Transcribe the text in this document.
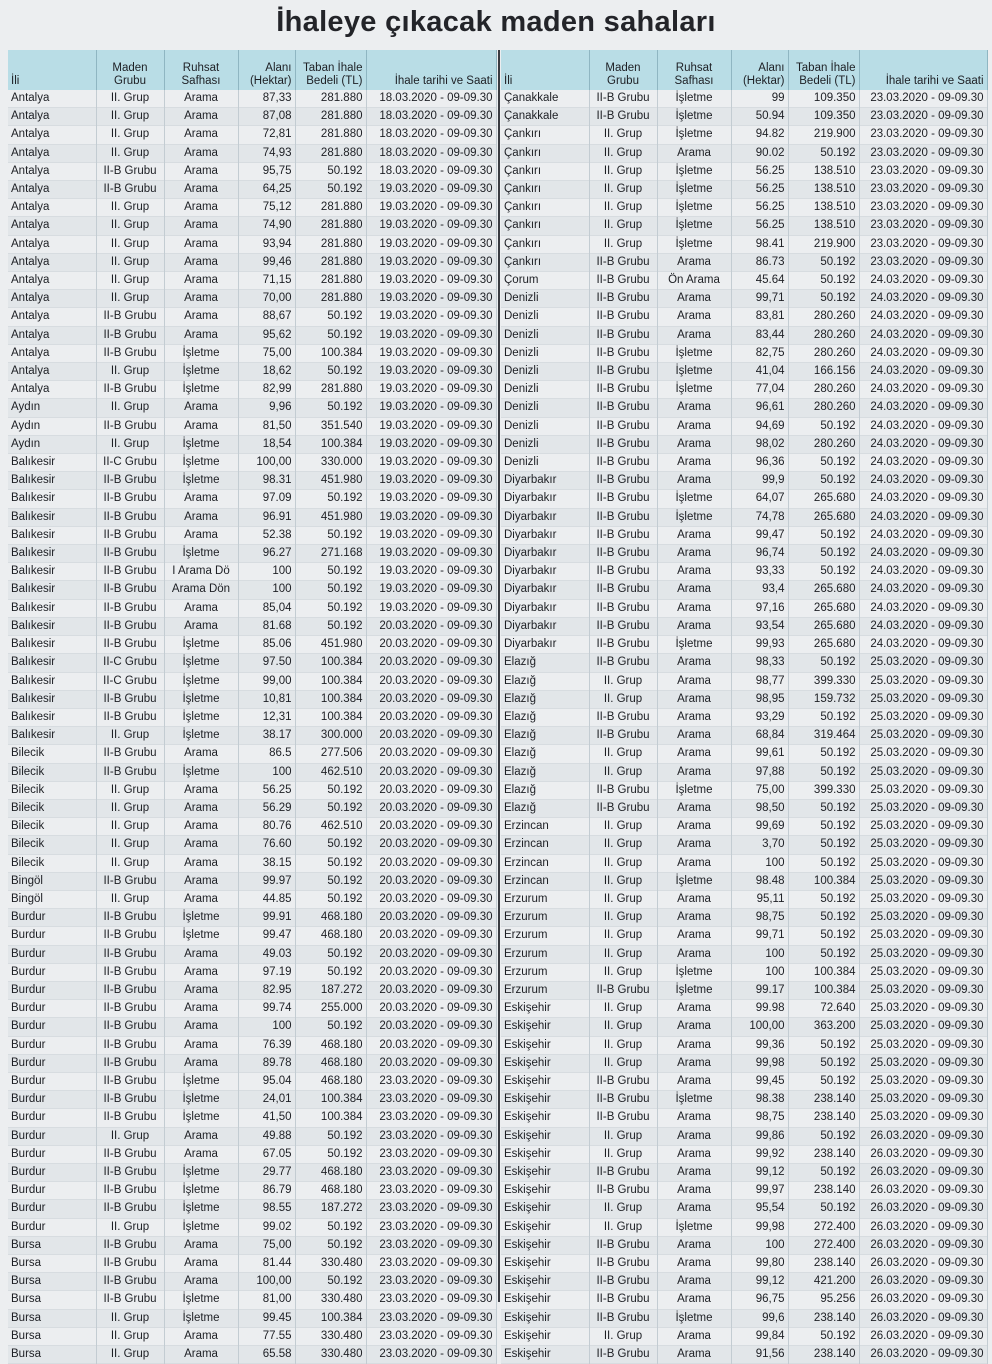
İhaleye çıkacak maden sahaları
İli	Maden Grubu	Ruhsat Safhası	Alanı (Hektar)	Taban İhale Bedeli (TL)	İhale tarihi ve Saati
Antalya	II. Grup	Arama	87,33	281.880	18.03.2020 - 09-09.30
Antalya	II. Grup	Arama	87,08	281.880	18.03.2020 - 09-09.30
Antalya	II. Grup	Arama	72,81	281.880	18.03.2020 - 09-09.30
Antalya	II. Grup	Arama	74,93	281.880	18.03.2020 - 09-09.30
Antalya	II-B Grubu	Arama	95,75	50.192	18.03.2020 - 09-09.30
Antalya	II-B Grubu	Arama	64,25	50.192	19.03.2020 - 09-09.30
Antalya	II. Grup	Arama	75,12	281.880	19.03.2020 - 09-09.30
Antalya	II. Grup	Arama	74,90	281.880	19.03.2020 - 09-09.30
Antalya	II. Grup	Arama	93,94	281.880	19.03.2020 - 09-09.30
Antalya	II. Grup	Arama	99,46	281.880	19.03.2020 - 09-09.30
Antalya	II. Grup	Arama	71,15	281.880	19.03.2020 - 09-09.30
Antalya	II. Grup	Arama	70,00	281.880	19.03.2020 - 09-09.30
Antalya	II-B Grubu	Arama	88,67	50.192	19.03.2020 - 09-09.30
Antalya	II-B Grubu	Arama	95,62	50.192	19.03.2020 - 09-09.30
Antalya	II-B Grubu	İşletme	75,00	100.384	19.03.2020 - 09-09.30
Antalya	II. Grup	İşletme	18,62	50.192	19.03.2020 - 09-09.30
Antalya	II-B Grubu	İşletme	82,99	281.880	19.03.2020 - 09-09.30
Aydın	II. Grup	Arama	9,96	50.192	19.03.2020 - 09-09.30
Aydın	II-B Grubu	Arama	81,50	351.540	19.03.2020 - 09-09.30
Aydın	II. Grup	İşletme	18,54	100.384	19.03.2020 - 09-09.30
Balıkesir	II-C Grubu	İşletme	100,00	330.000	19.03.2020 - 09-09.30
Balıkesir	II-B Grubu	İşletme	98.31	451.980	19.03.2020 - 09-09.30
Balıkesir	II-B Grubu	Arama	97.09	50.192	19.03.2020 - 09-09.30
Balıkesir	II-B Grubu	Arama	96.91	451.980	19.03.2020 - 09-09.30
Balıkesir	II-B Grubu	Arama	52.38	50.192	19.03.2020 - 09-09.30
Balıkesir	II-B Grubu	İşletme	96.27	271.168	19.03.2020 - 09-09.30
Balıkesir	II-B Grubu	I Arama Dö	100	50.192	19.03.2020 - 09-09.30
Balıkesir	II-B Grubu	Arama Dön	100	50.192	19.03.2020 - 09-09.30
Balıkesir	II-B Grubu	Arama	85,04	50.192	19.03.2020 - 09-09.30
Balıkesir	II-B Grubu	Arama	81.68	50.192	20.03.2020 - 09-09.30
Balıkesir	II-B Grubu	İşletme	85.06	451.980	20.03.2020 - 09-09.30
Balıkesir	II-C Grubu	İşletme	97.50	100.384	20.03.2020 - 09-09.30
Balıkesir	II-C Grubu	İşletme	99,00	100.384	20.03.2020 - 09-09.30
Balıkesir	II-B Grubu	İşletme	10,81	100.384	20.03.2020 - 09-09.30
Balıkesir	II-B Grubu	İşletme	12,31	100.384	20.03.2020 - 09-09.30
Balıkesir	II. Grup	İşletme	38.17	300.000	20.03.2020 - 09-09.30
Bilecik	II-B Grubu	Arama	86.5	277.506	20.03.2020 - 09-09.30
Bilecik	II-B Grubu	İşletme	100	462.510	20.03.2020 - 09-09.30
Bilecik	II. Grup	Arama	56.25	50.192	20.03.2020 - 09-09.30
Bilecik	II. Grup	Arama	56.29	50.192	20.03.2020 - 09-09.30
Bilecik	II. Grup	Arama	80.76	462.510	20.03.2020 - 09-09.30
Bilecik	II. Grup	Arama	76.60	50.192	20.03.2020 - 09-09.30
Bilecik	II. Grup	Arama	38.15	50.192	20.03.2020 - 09-09.30
Bingöl	II-B Grubu	Arama	99.97	50.192	20.03.2020 - 09-09.30
Bingöl	II. Grup	Arama	44.85	50.192	20.03.2020 - 09-09.30
Burdur	II-B Grubu	İşletme	99.91	468.180	20.03.2020 - 09-09.30
Burdur	II-B Grubu	İşletme	99.47	468.180	20.03.2020 - 09-09.30
Burdur	II-B Grubu	Arama	49.03	50.192	20.03.2020 - 09-09.30
Burdur	II-B Grubu	Arama	97.19	50.192	20.03.2020 - 09-09.30
Burdur	II-B Grubu	Arama	82.95	187.272	20.03.2020 - 09-09.30
Burdur	II-B Grubu	Arama	99.74	255.000	20.03.2020 - 09-09.30
Burdur	II-B Grubu	Arama	100	50.192	20.03.2020 - 09-09.30
Burdur	II-B Grubu	Arama	76.39	468.180	20.03.2020 - 09-09.30
Burdur	II-B Grubu	Arama	89.78	468.180	20.03.2020 - 09-09.30
Burdur	II-B Grubu	İşletme	95.04	468.180	23.03.2020 - 09-09.30
Burdur	II-B Grubu	İşletme	24,01	100.384	23.03.2020 - 09-09.30
Burdur	II-B Grubu	İşletme	41,50	100.384	23.03.2020 - 09-09.30
Burdur	II. Grup	Arama	49.88	50.192	23.03.2020 - 09-09.30
Burdur	II-B Grubu	Arama	67.05	50.192	23.03.2020 - 09-09.30
Burdur	II-B Grubu	İşletme	29.77	468.180	23.03.2020 - 09-09.30
Burdur	II-B Grubu	İşletme	86.79	468.180	23.03.2020 - 09-09.30
Burdur	II-B Grubu	İşletme	98.55	187.272	23.03.2020 - 09-09.30
Burdur	II. Grup	İşletme	99.02	50.192	23.03.2020 - 09-09.30
Bursa	II-B Grubu	Arama	75,00	50.192	23.03.2020 - 09-09.30
Bursa	II-B Grubu	Arama	81.44	330.480	23.03.2020 - 09-09.30
Bursa	II-B Grubu	Arama	100,00	50.192	23.03.2020 - 09-09.30
Bursa	II-B Grubu	İşletme	81,00	330.480	23.03.2020 - 09-09.30
Bursa	II. Grup	İşletme	99.45	100.384	23.03.2020 - 09-09.30
Bursa	II. Grup	Arama	77.55	330.480	23.03.2020 - 09-09.30
Bursa	II. Grup	Arama	65.58	330.480	23.03.2020 - 09-09.30
İli	Maden Grubu	Ruhsat Safhası	Alanı (Hektar)	Taban İhale Bedeli (TL)	İhale tarihi ve Saati
Çanakkale	II-B Grubu	İşletme	99	109.350	23.03.2020 - 09-09.30
Çanakkale	II-B Grubu	İşletme	50.94	109.350	23.03.2020 - 09-09.30
Çankırı	II. Grup	İşletme	94.82	219.900	23.03.2020 - 09-09.30
Çankırı	II. Grup	Arama	90.02	50.192	23.03.2020 - 09-09.30
Çankırı	II. Grup	İşletme	56.25	138.510	23.03.2020 - 09-09.30
Çankırı	II. Grup	İşletme	56.25	138.510	23.03.2020 - 09-09.30
Çankırı	II. Grup	İşletme	56.25	138.510	23.03.2020 - 09-09.30
Çankırı	II. Grup	İşletme	56.25	138.510	23.03.2020 - 09-09.30
Çankırı	II. Grup	İşletme	98.41	219.900	23.03.2020 - 09-09.30
Çankırı	II-B Grubu	Arama	86.73	50.192	23.03.2020 - 09-09.30
Çorum	II-B Grubu	Ön Arama	45.64	50.192	24.03.2020 - 09-09.30
Denizli	II-B Grubu	Arama	99,71	50.192	24.03.2020 - 09-09.30
Denizli	II-B Grubu	Arama	83,81	280.260	24.03.2020 - 09-09.30
Denizli	II-B Grubu	Arama	83,44	280.260	24.03.2020 - 09-09.30
Denizli	II-B Grubu	İşletme	82,75	280.260	24.03.2020 - 09-09.30
Denizli	II-B Grubu	İşletme	41,04	166.156	24.03.2020 - 09-09.30
Denizli	II-B Grubu	İşletme	77,04	280.260	24.03.2020 - 09-09.30
Denizli	II-B Grubu	Arama	96,61	280.260	24.03.2020 - 09-09.30
Denizli	II-B Grubu	Arama	94,69	50.192	24.03.2020 - 09-09.30
Denizli	II-B Grubu	Arama	98,02	280.260	24.03.2020 - 09-09.30
Denizli	II-B Grubu	Arama	96,36	50.192	24.03.2020 - 09-09.30
Diyarbakır	II-B Grubu	Arama	99,9	50.192	24.03.2020 - 09-09.30
Diyarbakır	II-B Grubu	İşletme	64,07	265.680	24.03.2020 - 09-09.30
Diyarbakır	II-B Grubu	İşletme	74,78	265.680	24.03.2020 - 09-09.30
Diyarbakır	II-B Grubu	Arama	99,47	50.192	24.03.2020 - 09-09.30
Diyarbakır	II-B Grubu	Arama	96,74	50.192	24.03.2020 - 09-09.30
Diyarbakır	II-B Grubu	Arama	93,33	50.192	24.03.2020 - 09-09.30
Diyarbakır	II-B Grubu	Arama	93,4	265.680	24.03.2020 - 09-09.30
Diyarbakır	II-B Grubu	Arama	97,16	265.680	24.03.2020 - 09-09.30
Diyarbakır	II-B Grubu	Arama	93,54	265.680	24.03.2020 - 09-09.30
Diyarbakır	II-B Grubu	İşletme	99,93	265.680	24.03.2020 - 09-09.30
Elazığ	II-B Grubu	Arama	98,33	50.192	25.03.2020 - 09-09.30
Elazığ	II. Grup	Arama	98,77	399.330	25.03.2020 - 09-09.30
Elazığ	II. Grup	Arama	98,95	159.732	25.03.2020 - 09-09.30
Elazığ	II-B Grubu	Arama	93,29	50.192	25.03.2020 - 09-09.30
Elazığ	II-B Grubu	Arama	68,84	319.464	25.03.2020 - 09-09.30
Elazığ	II. Grup	Arama	99,61	50.192	25.03.2020 - 09-09.30
Elazığ	II. Grup	Arama	97,88	50.192	25.03.2020 - 09-09.30
Elazığ	II-B Grubu	İşletme	75,00	399.330	25.03.2020 - 09-09.30
Elazığ	II-B Grubu	Arama	98,50	50.192	25.03.2020 - 09-09.30
Erzincan	II. Grup	Arama	99,69	50.192	25.03.2020 - 09-09.30
Erzincan	II. Grup	Arama	3,70	50.192	25.03.2020 - 09-09.30
Erzincan	II. Grup	Arama	100	50.192	25.03.2020 - 09-09.30
Erzincan	II. Grup	İşletme	98.48	100.384	25.03.2020 - 09-09.30
Erzurum	II. Grup	Arama	95,11	50.192	25.03.2020 - 09-09.30
Erzurum	II. Grup	Arama	98,75	50.192	25.03.2020 - 09-09.30
Erzurum	II. Grup	Arama	99,71	50.192	25.03.2020 - 09-09.30
Erzurum	II. Grup	Arama	100	50.192	25.03.2020 - 09-09.30
Erzurum	II. Grup	İşletme	100	100.384	25.03.2020 - 09-09.30
Erzurum	II-B Grubu	İşletme	99.17	100.384	25.03.2020 - 09-09.30
Eskişehir	II. Grup	Arama	99.98	72.640	25.03.2020 - 09-09.30
Eskişehir	II. Grup	Arama	100,00	363.200	25.03.2020 - 09-09.30
Eskişehir	II. Grup	Arama	99,36	50.192	25.03.2020 - 09-09.30
Eskişehir	II. Grup	Arama	99,98	50.192	25.03.2020 - 09-09.30
Eskişehir	II-B Grubu	Arama	99,45	50.192	25.03.2020 - 09-09.30
Eskişehir	II-B Grubu	İşletme	98.38	238.140	25.03.2020 - 09-09.30
Eskişehir	II-B Grubu	Arama	98,75	238.140	25.03.2020 - 09-09.30
Eskişehir	II. Grup	Arama	99,86	50.192	26.03.2020 - 09-09.30
Eskişehir	II. Grup	Arama	99,92	238.140	26.03.2020 - 09-09.30
Eskişehir	II-B Grubu	Arama	99,12	50.192	26.03.2020 - 09-09.30
Eskişehir	II-B Grubu	Arama	99,97	238.140	26.03.2020 - 09-09.30
Eskişehir	II. Grup	Arama	95,54	50.192	26.03.2020 - 09-09.30
Eskişehir	II. Grup	İşletme	99,98	272.400	26.03.2020 - 09-09.30
Eskişehir	II-B Grubu	Arama	100	272.400	26.03.2020 - 09-09.30
Eskişehir	II-B Grubu	Arama	99,80	238.140	26.03.2020 - 09-09.30
Eskişehir	II-B Grubu	Arama	99,12	421.200	26.03.2020 - 09-09.30
Eskişehir	II-B Grubu	Arama	96,75	95.256	26.03.2020 - 09-09.30
Eskişehir	II-B Grubu	İşletme	99,6	238.140	26.03.2020 - 09-09.30
Eskişehir	II. Grup	Arama	99,84	50.192	26.03.2020 - 09-09.30
Eskişehir	II-B Grubu	Arama	91,56	238.140	26.03.2020 - 09-09.30
